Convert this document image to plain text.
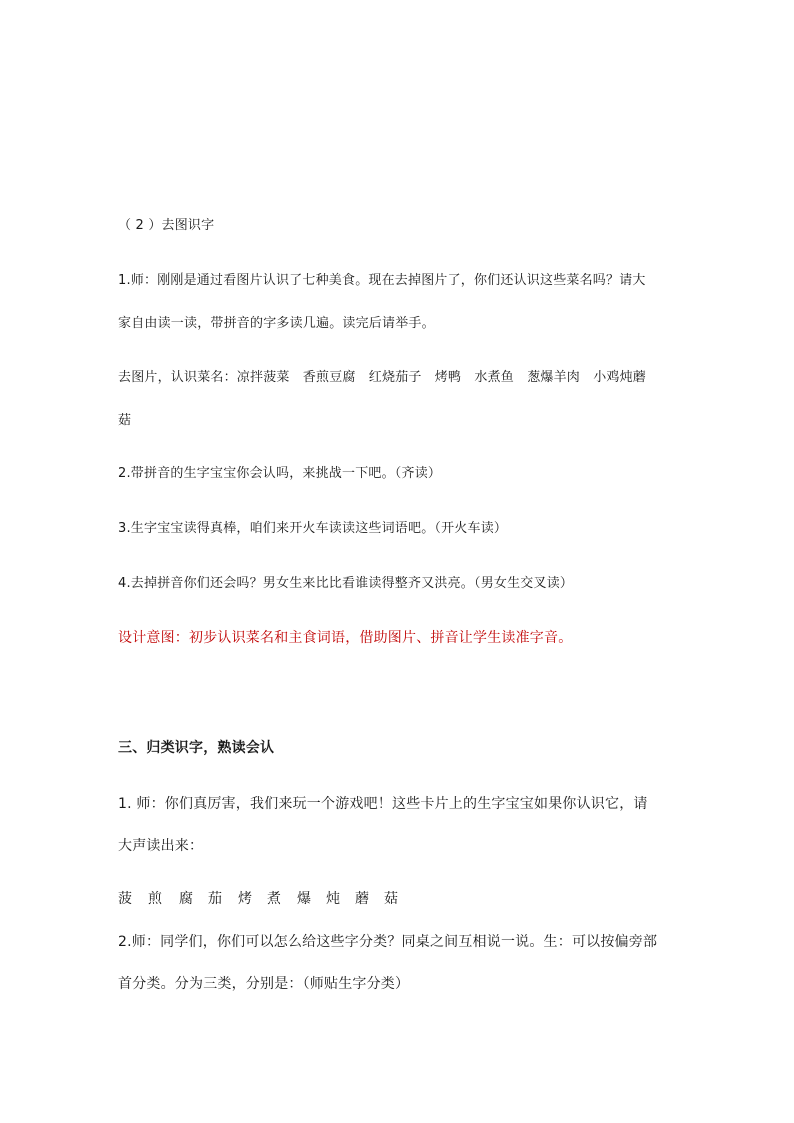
（ 2 ）去图识字
1.师：刚刚是通过看图片认识了七种美食。现在去掉图片了，你们还认识这些菜名吗？请大
家自由读一读，带拼音的字多读几遍。读完后请举手。
去图片，认识菜名：凉拌菠菜　香煎豆腐　红烧茄子　烤鸭　水煮鱼　葱爆羊肉　小鸡炖蘑
菇
2.带拼音的生字宝宝你会认吗，来挑战一下吧。（齐读）
3.生字宝宝读得真棒，咱们来开火车读读这些词语吧。（开火车读）
4.去掉拼音你们还会吗？男女生来比比看谁读得整齐又洪亮。（男女生交叉读）
设计意图：初步认识菜名和主食词语，借助图片、拼音让学生读准字音。
三、归类识字，熟读会认
1. 师：你们真厉害，我们来玩一个游戏吧！这些卡片上的生字宝宝如果你认识它，请
大声读出来：
菠 煎 腐 茄 烤 煮 爆 炖 蘑 菇
2.师：同学们，你们可以怎么给这些字分类？同桌之间互相说一说。生：可以按偏旁部
首分类。分为三类，分别是：（师贴生字分类）
